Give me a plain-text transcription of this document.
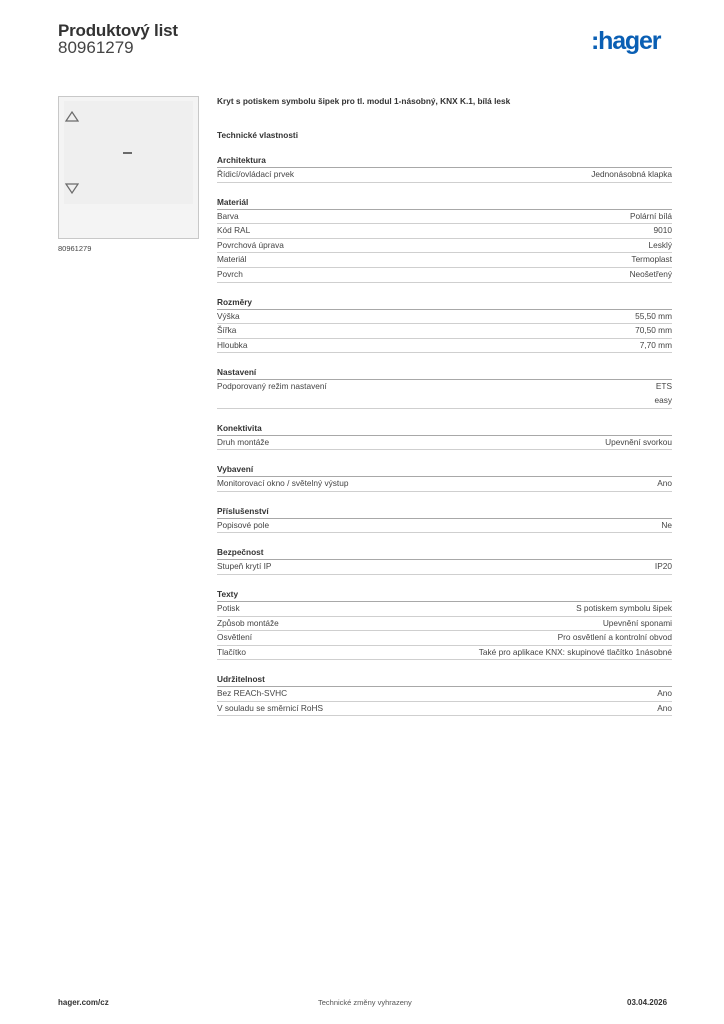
Produktový list
80961279	:hager
80961279
Kryt s potiskem symbolu šipek pro tl. modul 1-násobný, KNX K.1, bílá lesk
Technické vlastnosti
Architektura
Řídicí/ovládací prvek	Jednonásobná klapka
Materiál
Barva	Polární bílá
Kód RAL	9010
Povrchová úprava	Lesklý
Materiál	Termoplast
Povrch	Neošetřený
Rozměry
Výška	55,50 mm
Šířka	70,50 mm
Hloubka	7,70 mm
Nastavení
Podporovaný režim nastavení	ETS
easy
Konektivita
Druh montáže	Upevnění svorkou
Vybavení
Monitorovací okno / světelný výstup	Ano
Příslušenství
Popisové pole	Ne
Bezpečnost
Stupeň krytí IP	IP20
Texty
Potisk	S potiskem symbolu šipek
Způsob montáže	Upevnění sponami
Osvětlení	Pro osvětlení a kontrolní obvod
Tlačítko	Také pro aplikace KNX: skupinové tlačítko 1násobné
Udržitelnost
Bez REACh-SVHC	Ano
V souladu se směrnicí RoHS	Ano
hager.com/cz	Technické změny vyhrazeny	03.04.2026
